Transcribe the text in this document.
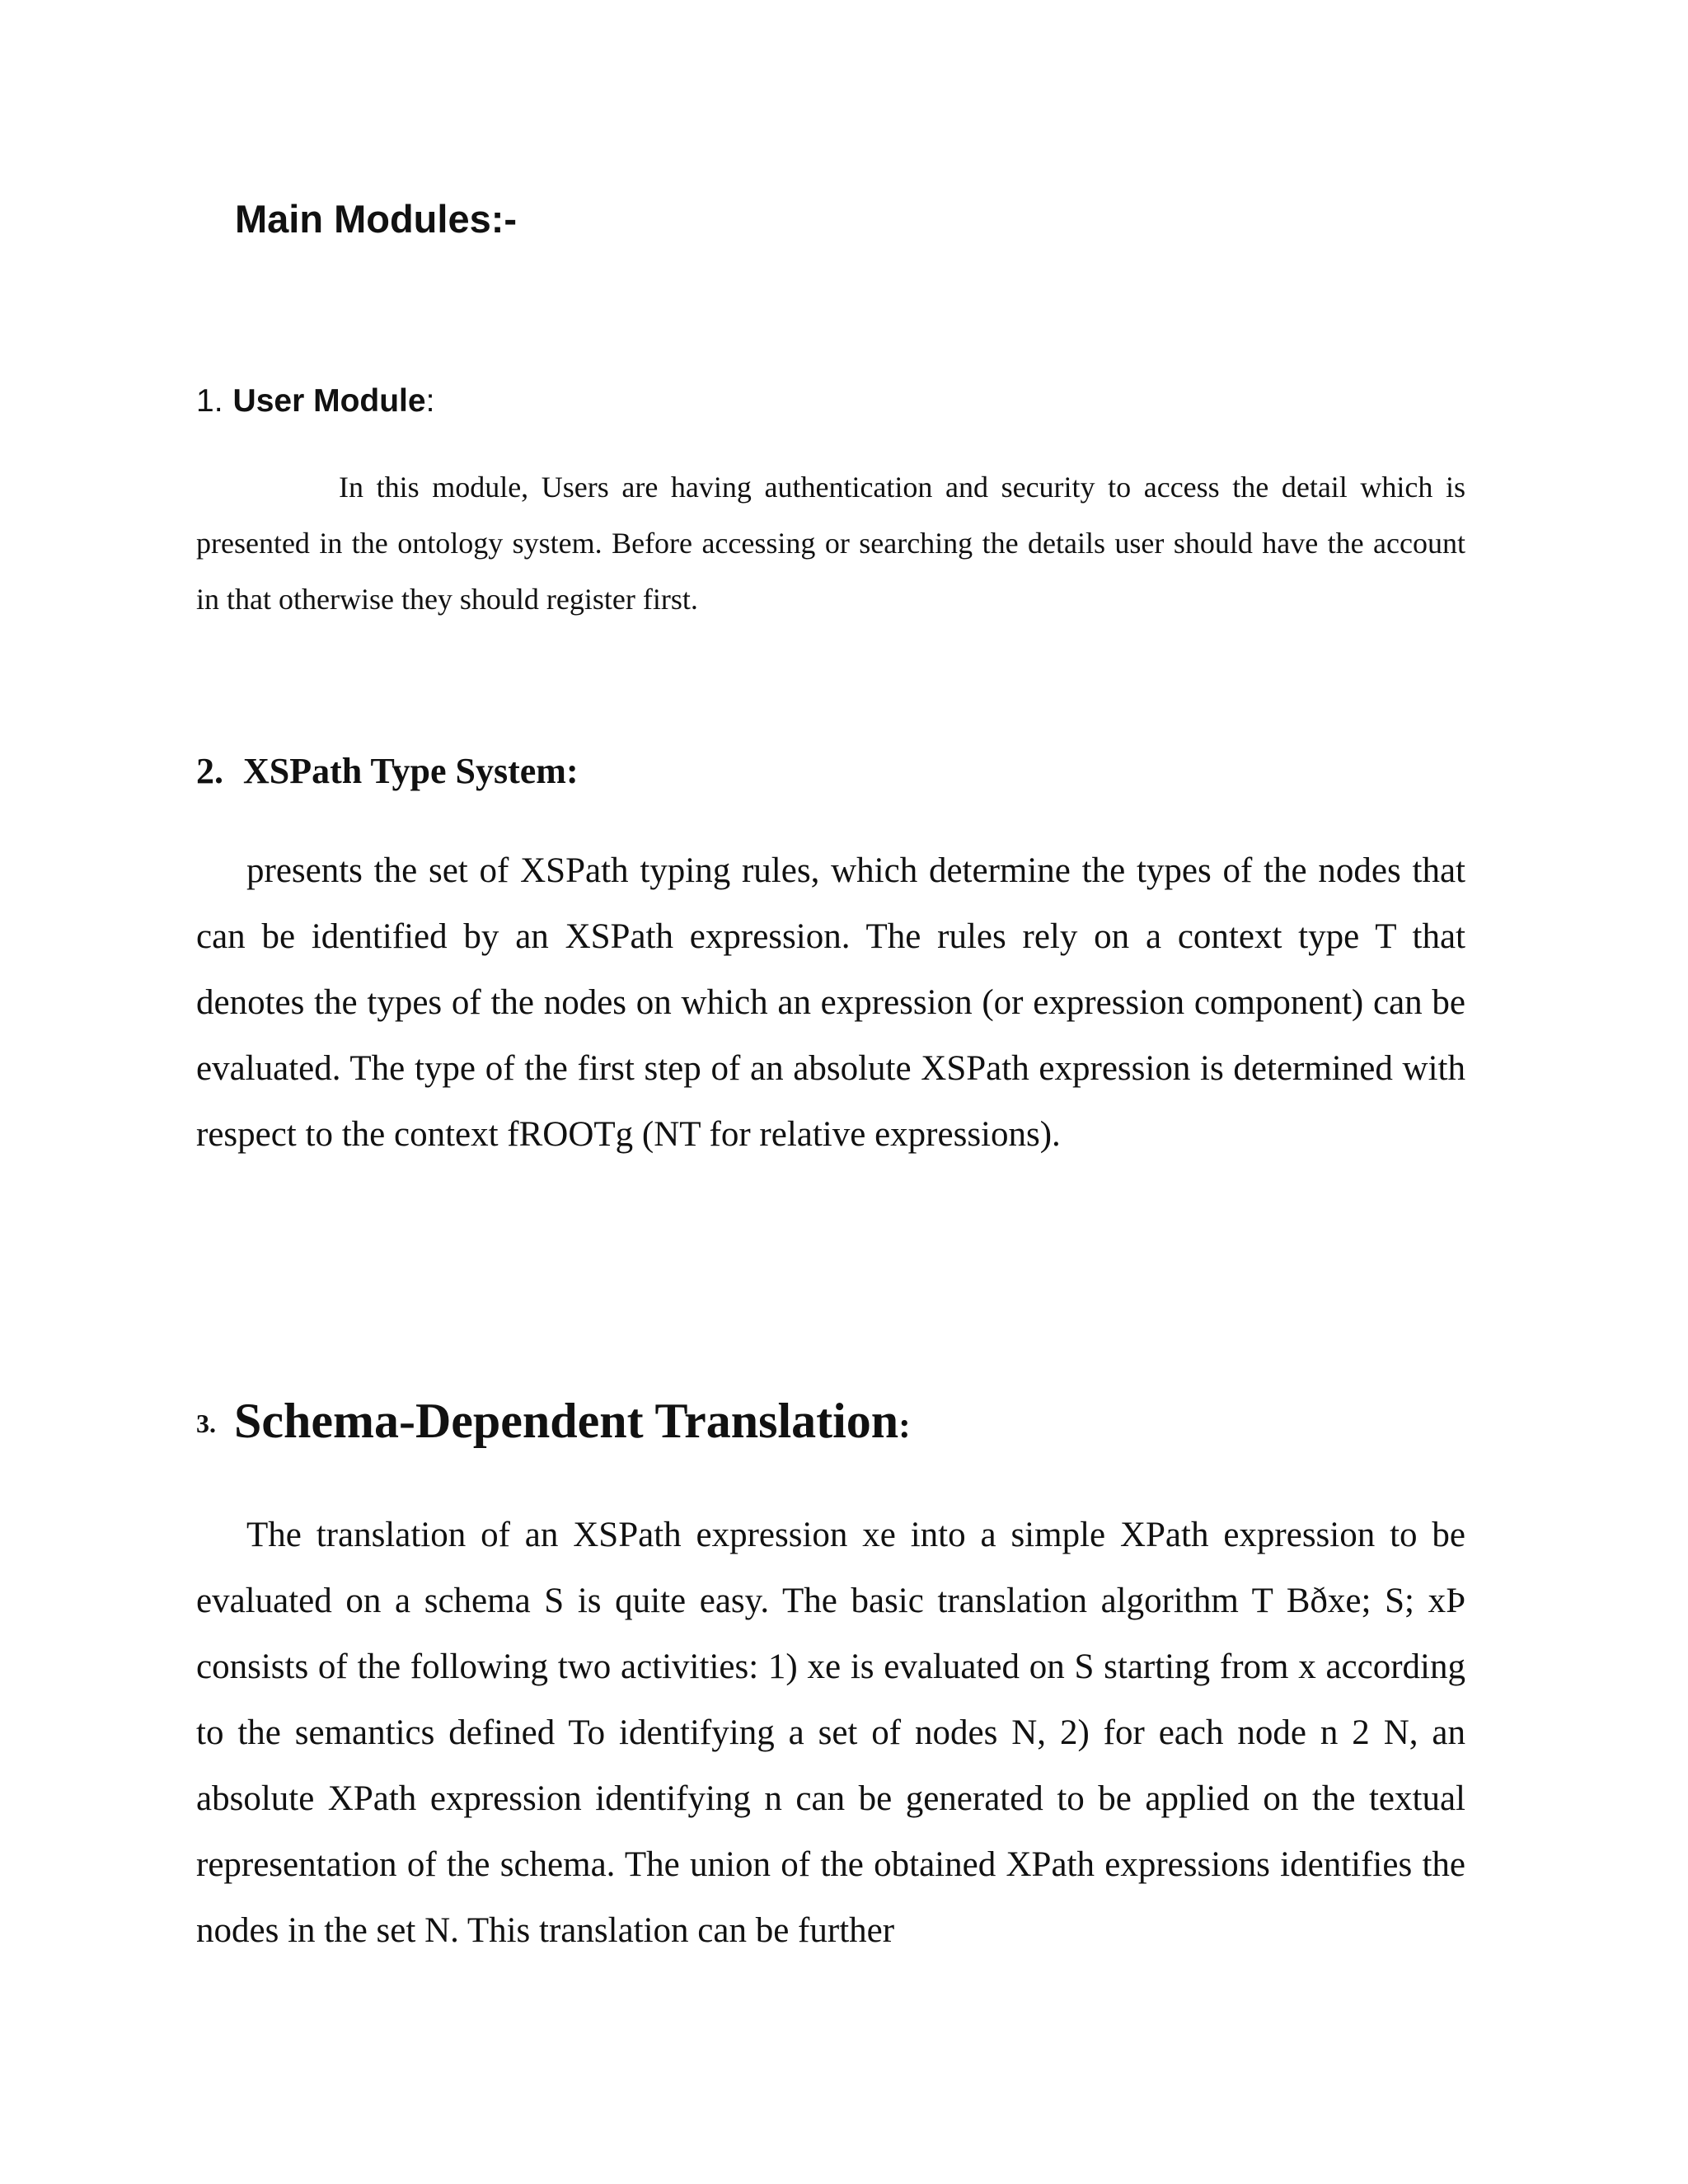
Main Modules:-
1. User Module:

In this module, Users are having authentication and security to access the detail which is presented in the ontology system. Before accessing or searching the details user should have the account in that otherwise they should register first.

2. XSPath Type System:

presents the set of XSPath typing rules, which determine the types of the nodes that can be identified by an XSPath expression. The rules rely on a context type T that denotes the types of the nodes on which an expression (or expression component) can be evaluated. The type of the first step of an absolute XSPath expression is determined with respect to the context fROOTg (NT for relative expressions).

3. Schema-Dependent Translation:

The translation of an XSPath expression xe into a simple XPath expression to be evaluated on a schema S is quite easy. The basic translation algorithm T Bðxe; S; xÞ consists of the following two activities: 1) xe is evaluated on S starting from x according to the semantics defined To identifying a set of nodes N, 2) for each node n 2 N, an absolute XPath expression identifying n can be generated to be applied on the textual representation of the schema. The union of the obtained XPath expressions identifies the nodes in the set N. This translation can be further
